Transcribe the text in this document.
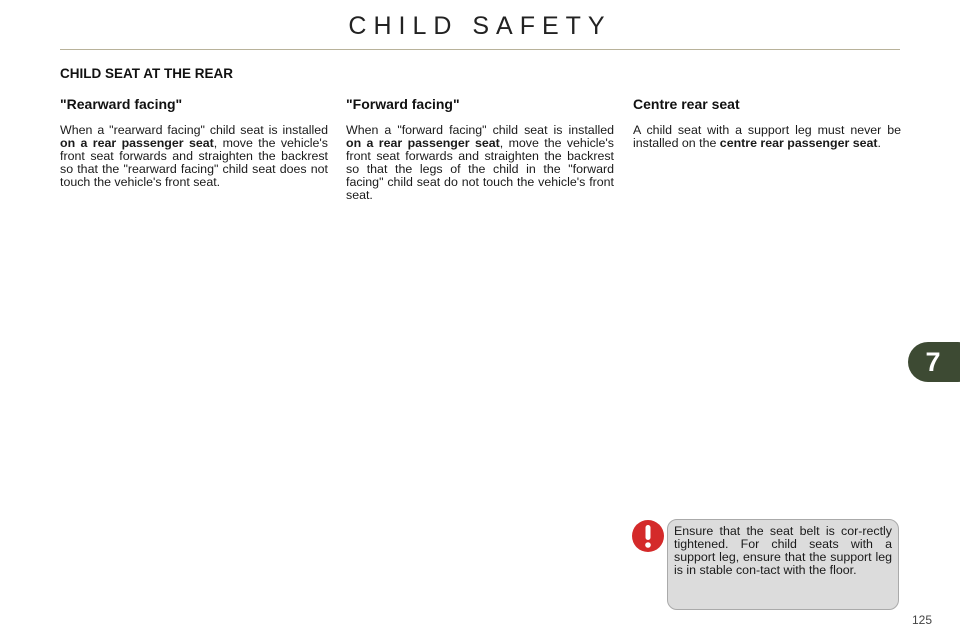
CHILD SAFETY
CHILD SEAT AT THE REAR
"Rearward facing"

When a "rearward facing" child seat is installed on a rear passenger seat, move the vehicle's front seat forwards and straighten the backrest so that the "rearward facing" child seat does not touch the vehicle's front seat.

"Forward facing"

When a "forward facing" child seat is installed on a rear passenger seat, move the vehicle's front seat forwards and straighten the backrest so that the legs of the child in the "forward facing" child seat do not touch the vehicle's front seat.

Centre rear seat

A child seat with a support leg must never be installed on the centre rear passenger seat.

7

Ensure that the seat belt is cor-rectly tightened. For child seats with a support leg, ensure that the support leg is in stable con-tact with the floor.

125
